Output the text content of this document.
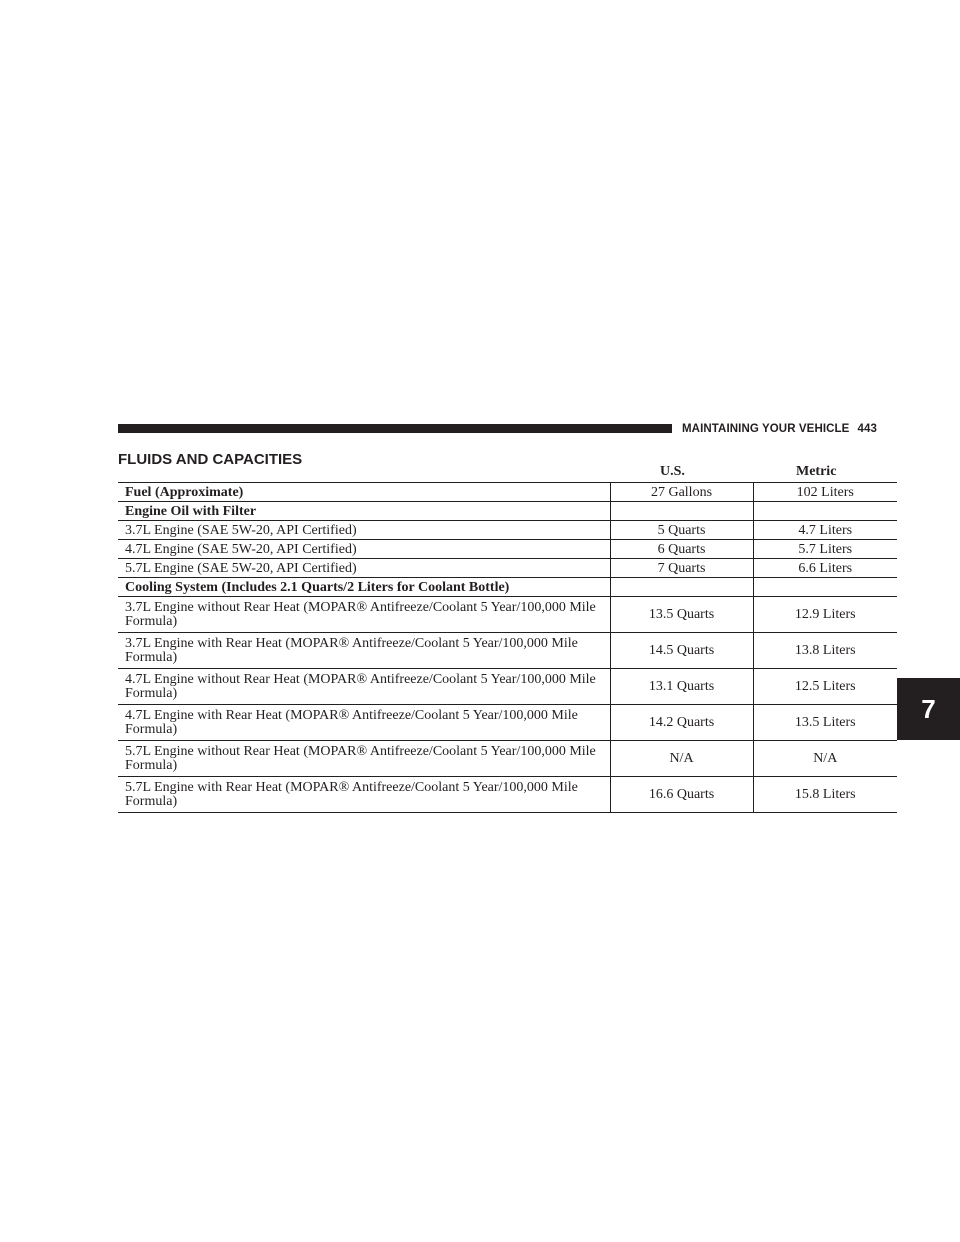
MAINTAINING YOUR VEHICLE 443
FLUIDS AND CAPACITIES
U.S.	Metric
Fuel (Approximate)	27 Gallons	102 Liters
Engine Oil with Filter		
3.7L Engine (SAE 5W-20, API Certified)	5 Quarts	4.7 Liters
4.7L Engine (SAE 5W-20, API Certified)	6 Quarts	5.7 Liters
5.7L Engine (SAE 5W-20, API Certified)	7 Quarts	6.6 Liters
Cooling System (Includes 2.1 Quarts/2 Liters for Coolant Bottle)		
3.7L Engine without Rear Heat (MOPAR® Antifreeze/Coolant 5 Year/100,000 Mile Formula)	13.5 Quarts	12.9 Liters
3.7L Engine with Rear Heat (MOPAR® Antifreeze/Coolant 5 Year/100,000 Mile Formula)	14.5 Quarts	13.8 Liters
4.7L Engine without Rear Heat (MOPAR® Antifreeze/Coolant 5 Year/100,000 Mile Formula)	13.1 Quarts	12.5 Liters
4.7L Engine with Rear Heat (MOPAR® Antifreeze/Coolant 5 Year/100,000 Mile Formula)	14.2 Quarts	13.5 Liters
5.7L Engine without Rear Heat (MOPAR® Antifreeze/Coolant 5 Year/100,000 Mile Formula)	N/A	N/A
5.7L Engine with Rear Heat (MOPAR® Antifreeze/Coolant 5 Year/100,000 Mile Formula)	16.6 Quarts	15.8 Liters
7
